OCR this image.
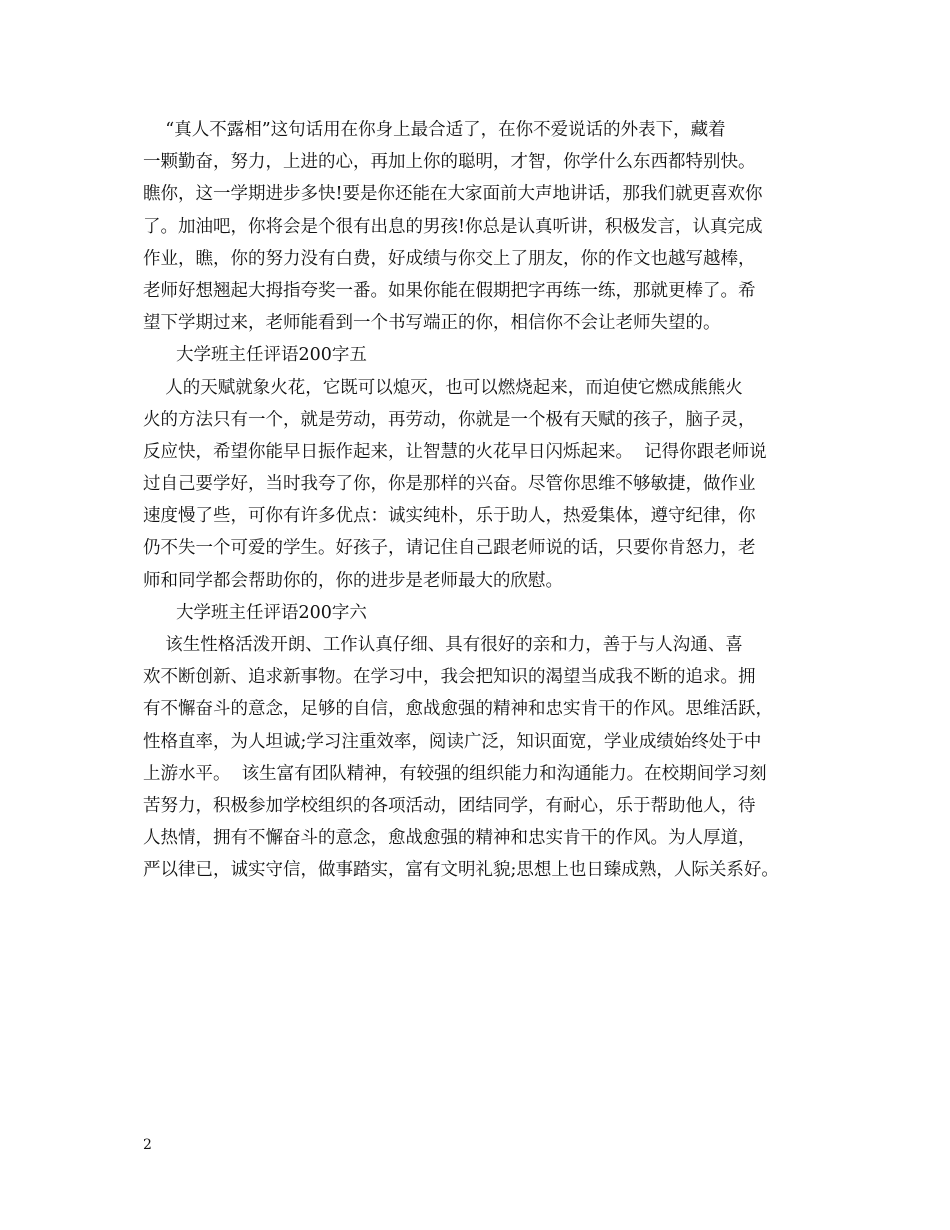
“真人不露相”这句话用在你身上最合适了，在你不爱说话的外表下，藏着
一颗勤奋，努力，上进的心，再加上你的聪明，才智，你学什么东西都特别快。
瞧你，这一学期进步多快!要是你还能在大家面前大声地讲话，那我们就更喜欢你
了。加油吧，你将会是个很有出息的男孩!你总是认真听讲，积极发言，认真完成
作业，瞧，你的努力没有白费，好成绩与你交上了朋友，你的作文也越写越棒，
老师好想翘起大拇指夸奖一番。如果你能在假期把字再练一练，那就更棒了。希
望下学期过来，老师能看到一个书写端正的你，相信你不会让老师失望的。
大学班主任评语200字五
人的天赋就象火花，它既可以熄灭，也可以燃烧起来，而迫使它燃成熊熊火
火的方法只有一个，就是劳动，再劳动，你就是一个极有天赋的孩子，脑子灵，
反应快，希望你能早日振作起来，让智慧的火花早日闪烁起来。  记得你跟老师说
过自己要学好，当时我夸了你，你是那样的兴奋。尽管你思维不够敏捷，做作业
速度慢了些，可你有许多优点：诚实纯朴，乐于助人，热爱集体，遵守纪律，你
仍不失一个可爱的学生。好孩子，请记住自己跟老师说的话，只要你肯怒力，老
师和同学都会帮助你的，你的进步是老师最大的欣慰。
大学班主任评语200字六
该生性格活泼开朗、工作认真仔细、具有很好的亲和力，善于与人沟通、喜
欢不断创新、追求新事物。在学习中，我会把知识的渴望当成我不断的追求。拥
有不懈奋斗的意念，足够的自信，愈战愈强的精神和忠实肯干的作风。思维活跃，
性格直率，为人坦诚;学习注重效率，阅读广泛，知识面宽，学业成绩始终处于中
上游水平。  该生富有团队精神，有较强的组织能力和沟通能力。在校期间学习刻
苦努力，积极参加学校组织的各项活动，团结同学，有耐心，乐于帮助他人，待
人热情，拥有不懈奋斗的意念，愈战愈强的精神和忠实肯干的作风。为人厚道，
严以律已，诚实守信，做事踏实，富有文明礼貌;思想上也日臻成熟，人际关系好。
2
